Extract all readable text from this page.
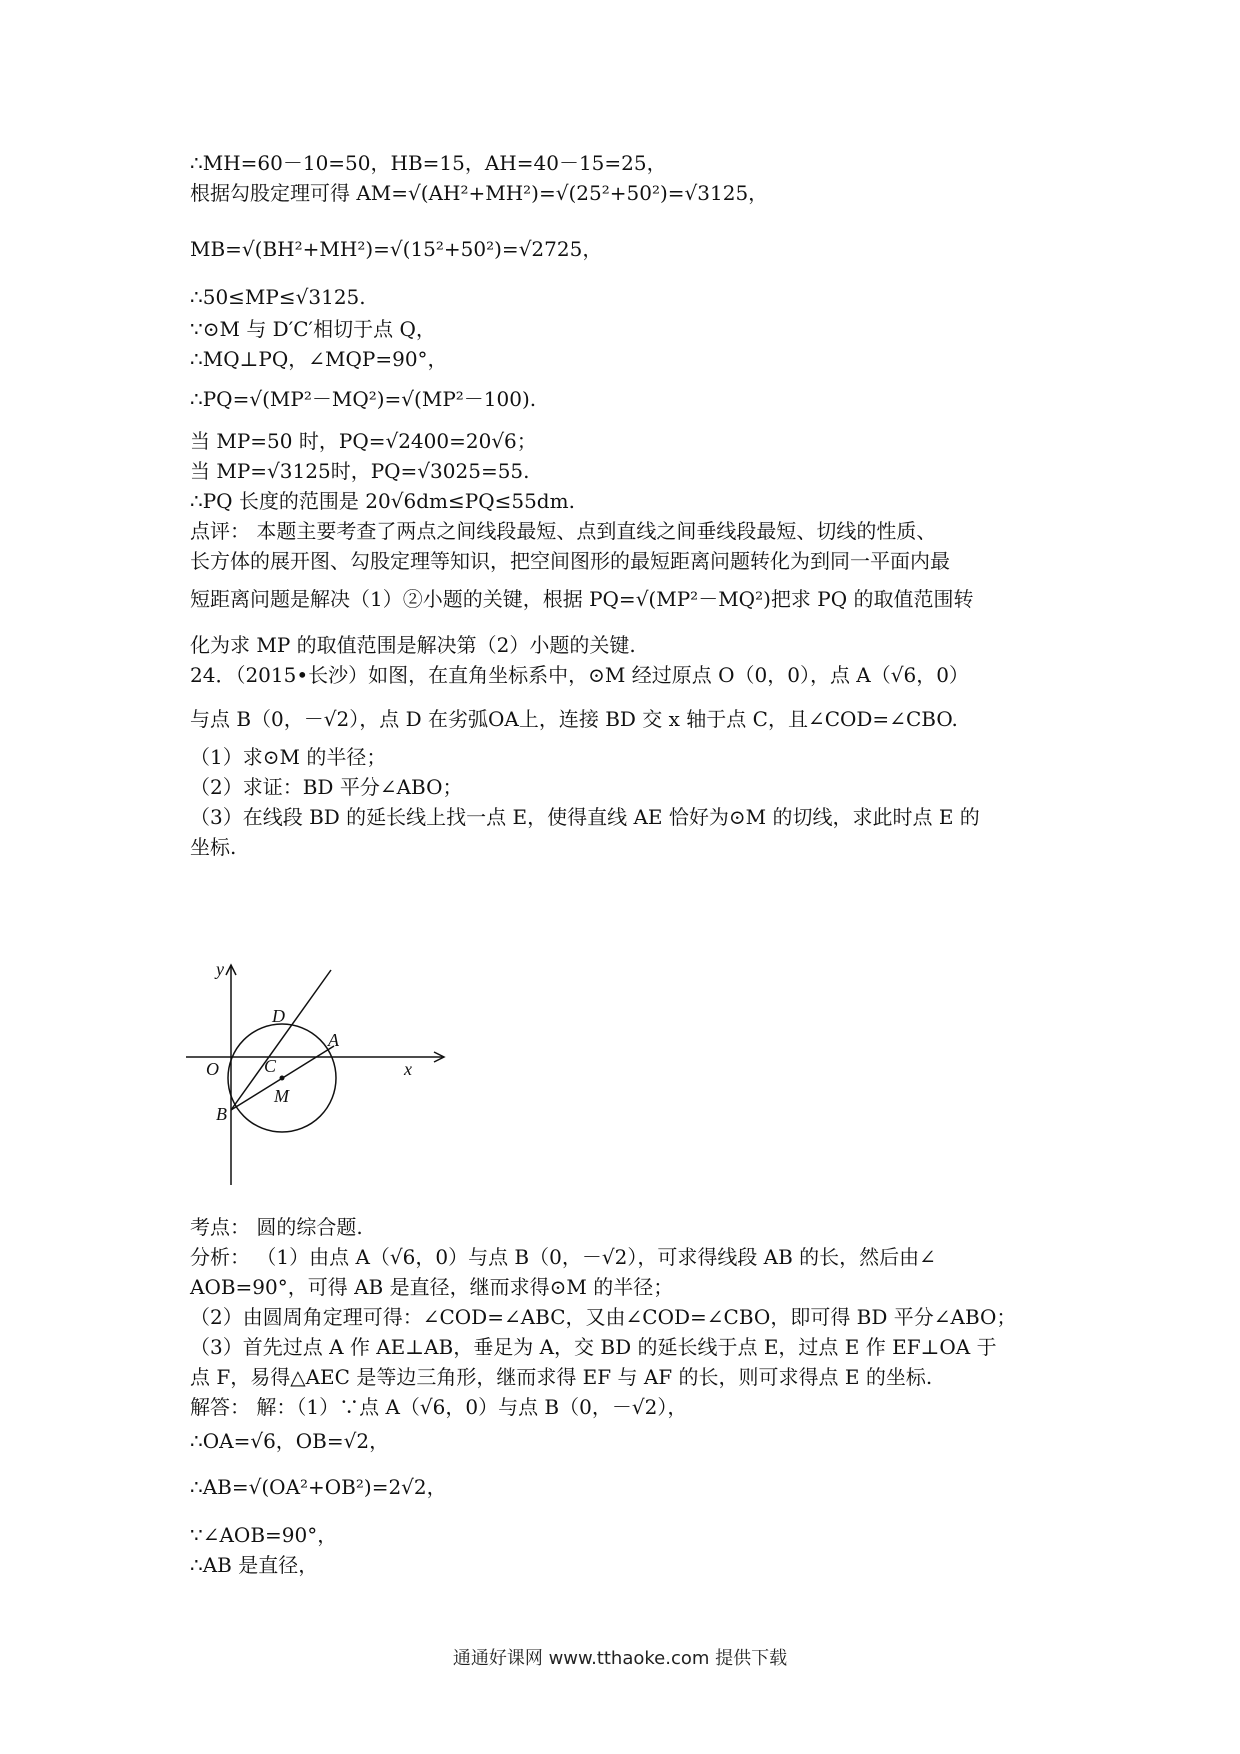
∴MH=60－10=50，HB=15，AH=40－15=25，
根据勾股定理可得 AM=√(AH²+MH²)=√(25²+50²)=√3125，
MB=√(BH²+MH²)=√(15²+50²)=√2725，
∴50≤MP≤√3125.
∵⊙M 与 D′C′相切于点 Q，
∴MQ⊥PQ，∠MQP=90°，
∴PQ=√(MP²－MQ²)=√(MP²－100).
当 MP=50 时，PQ=√2400=20√6；
当 MP=√3125时，PQ=√3025=55.
∴PQ 长度的范围是 20√6dm≤PQ≤55dm.
点评： 本题主要考查了两点之间线段最短、点到直线之间垂线段最短、切线的性质、
长方体的展开图、勾股定理等知识，把空间图形的最短距离问题转化为到同一平面内最
短距离问题是解决（1）②小题的关键，根据 PQ=√(MP²－MQ²)把求 PQ 的取值范围转
化为求 MP 的取值范围是解决第（2）小题的关键.
24．（2015•长沙）如图，在直角坐标系中，⊙M 经过原点 O（0，0），点 A（√6，0）
与点 B（0，－√2），点 D 在劣弧OA上，连接 BD 交 x 轴于点 C，且∠COD=∠CBO.
（1）求⊙M 的半径；
（2）求证：BD 平分∠ABO；
（3）在线段 BD 的延长线上找一点 E，使得直线 AE 恰好为⊙M 的切线，求此时点 E 的
坐标.
y
x
O
D
A
C
M
B
考点： 圆的综合题.
分析： （1）由点 A（√6，0）与点 B（0，－√2），可求得线段 AB 的长，然后由∠
AOB=90°，可得 AB 是直径，继而求得⊙M 的半径；
（2）由圆周角定理可得：∠COD=∠ABC，又由∠COD=∠CBO，即可得 BD 平分∠ABO；
（3）首先过点 A 作 AE⊥AB，垂足为 A，交 BD 的延长线于点 E，过点 E 作 EF⊥OA 于
点 F，易得△AEC 是等边三角形，继而求得 EF 与 AF 的长，则可求得点 E 的坐标.
解答： 解：（1）∵点 A（√6，0）与点 B（0，－√2），
∴OA=√6，OB=√2，
∴AB=√(OA²+OB²)=2√2，
∵∠AOB=90°，
∴AB 是直径，
通通好课网 www.tthaoke.com 提供下载
